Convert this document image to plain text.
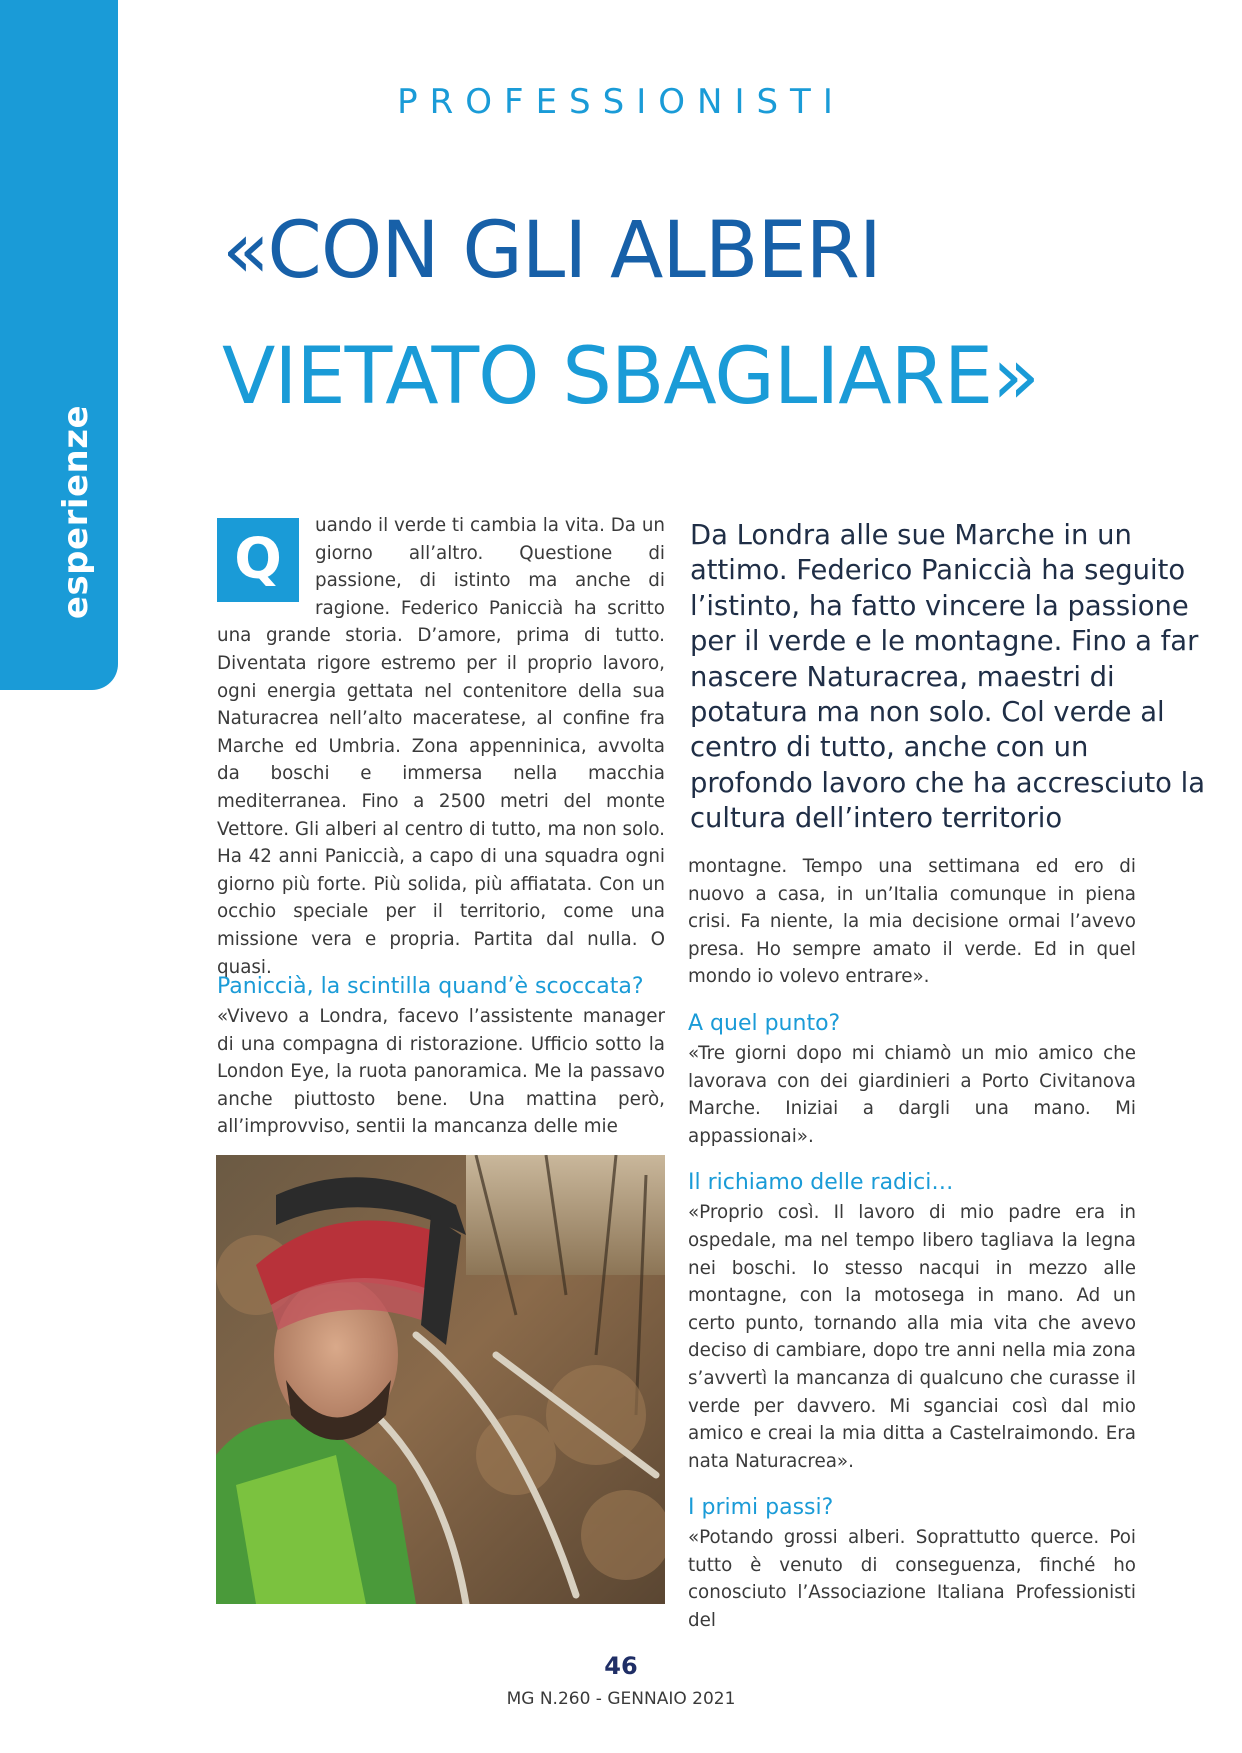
esperienze
PROFESSIONISTI
«CON GLI ALBERI
VIETATO SBAGLIARE»
Q

uando il verde ti cambia la vita. Da un giorno all’altro. Questione di passione, di istinto ma anche di ragione. Federico Paniccià ha scritto una grande storia. D’amore, prima di tutto. Diventata rigore estremo per il proprio lavoro, ogni energia gettata nel contenitore della sua Naturacrea nell’alto maceratese, al confine fra Marche ed Umbria. Zona appenninica, avvolta da boschi e immersa nella macchia mediterranea. Fino a 2500 metri del monte Vettore. Gli alberi al centro di tutto, ma non solo. Ha 42 anni Paniccià, a capo di una squadra ogni giorno più forte. Più solida, più affiatata. Con un occhio speciale per il territorio, come una missione vera e propria. Partita dal nulla. O quasi.

Paniccià, la scintilla quand’è scoccata?

«Vivevo a Londra, facevo l’assistente manager di una compagna di ristorazione. Ufficio sotto la London Eye, la ruota panoramica. Me la passavo anche piuttosto bene. Una mattina però, all’improvviso, sentii la mancanza delle mie

Da Londra alle sue Marche in un attimo. Federico Paniccià ha seguito l’istinto, ha fatto vincere la passione per il verde e le montagne. Fino a far nascere Naturacrea, maestri di potatura ma non solo. Col verde al centro di tutto, anche con un profondo lavoro che ha accresciuto la cultura dell’intero territorio

montagne. Tempo una settimana ed ero di nuovo a casa, in un’Italia comunque in piena crisi. Fa niente, la mia decisione ormai l’avevo presa. Ho sempre amato il verde. Ed in quel mondo io volevo entrare».

A quel punto?

«Tre giorni dopo mi chiamò un mio amico che lavorava con dei giardinieri a Porto Civitanova Marche. Iniziai a dargli una mano. Mi appassionai».

Il richiamo delle radici…

«Proprio così. Il lavoro di mio padre era in ospedale, ma nel tempo libero tagliava la legna nei boschi. Io stesso nacqui in mezzo alle montagne, con la motosega in mano. Ad un certo punto, tornando alla mia vita che avevo deciso di cambiare, dopo tre anni nella mia zona s’avvertì la mancanza di qualcuno che curasse il verde per davvero. Mi sganciai così dal mio amico e creai la mia ditta a Castelraimondo. Era nata Naturacrea».

I primi passi?

«Potando grossi alberi. Soprattutto querce. Poi tutto è venuto di conseguenza, finché ho conosciuto l’Associazione Italiana Professionisti del

46
MG N.260 - GENNAIO 2021
